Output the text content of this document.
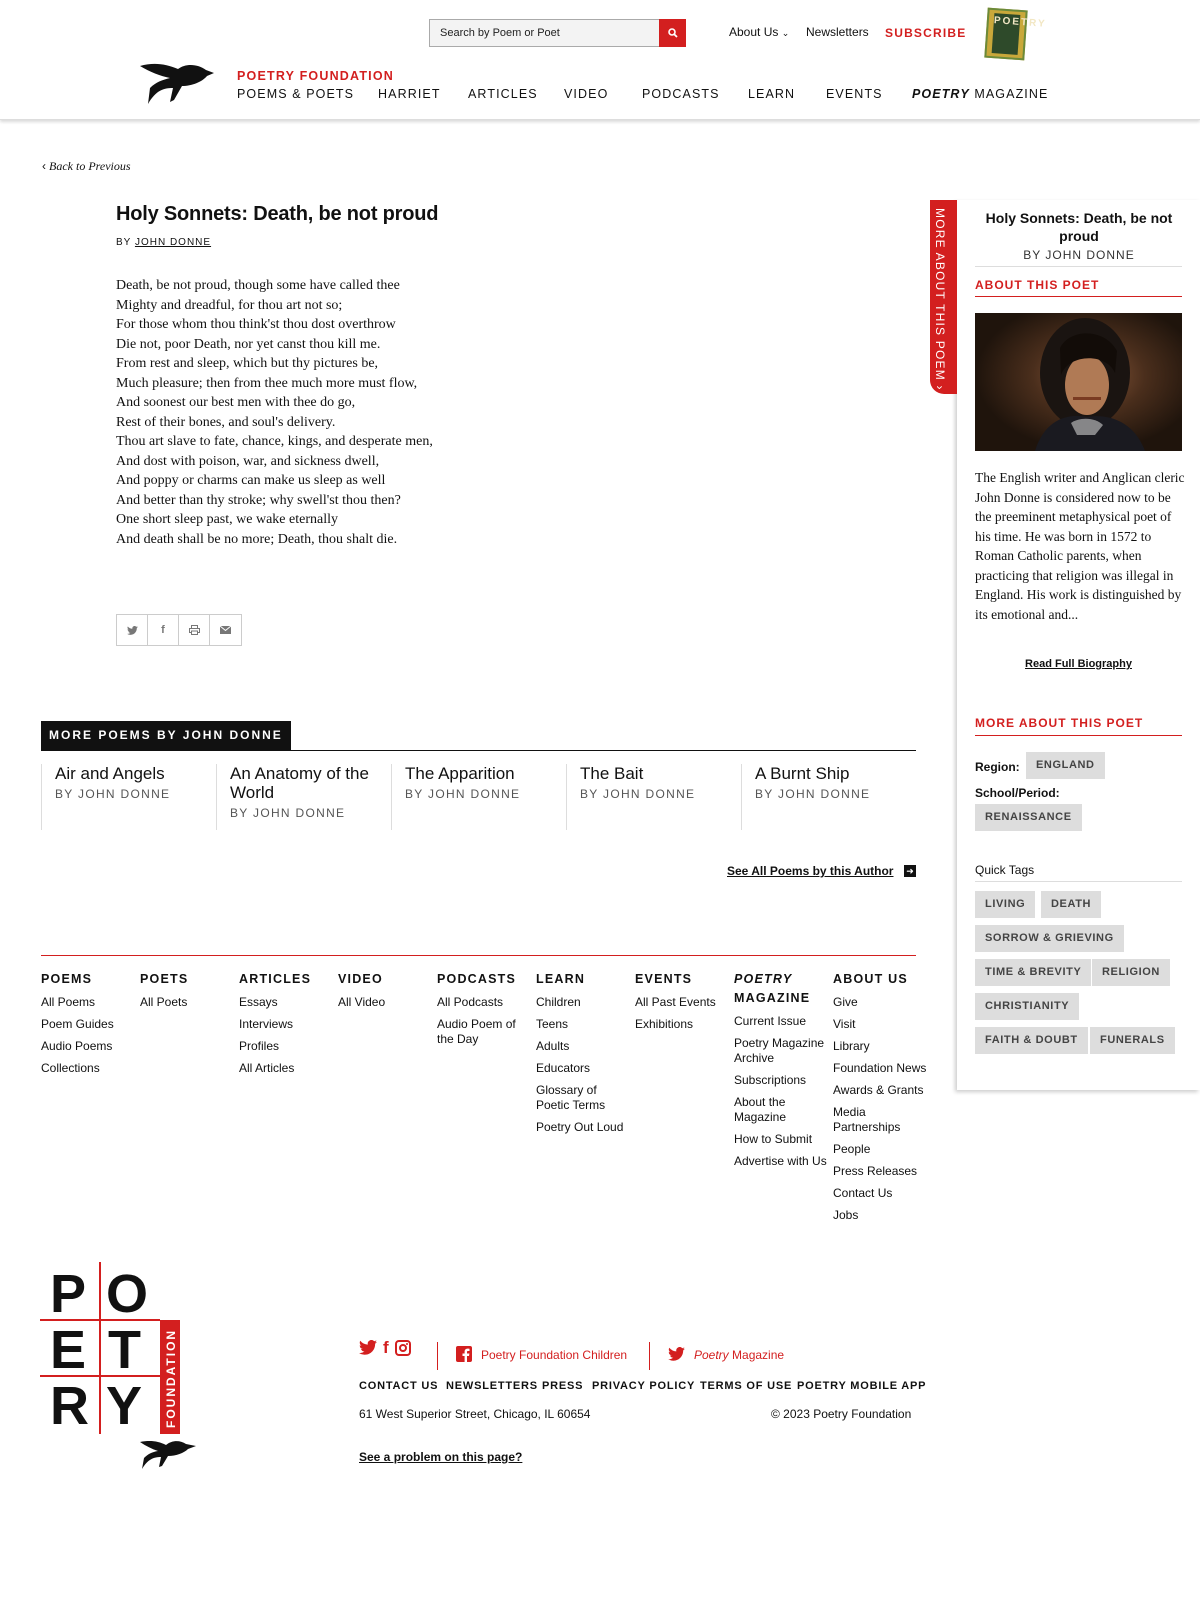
Search by Poem or Poet	About Us ⌄ Newsletters SUBSCRIBE
POETRY
POETRY FOUNDATION
POEMS & POETS HARRIET ARTICLES VIDEO	PODCASTS LEARN EVENTS POETRY MAGAZINE
‹ Back to Previous
Holy Sonnets: Death, be not proud
BY JOHN DONNE
Death, be not proud, though some have called thee
Mighty and dreadful, for thou art not so;
For those whom thou think'st thou dost overthrow
Die not, poor Death, nor yet canst thou kill me.
From rest and sleep, which but thy pictures be,
Much pleasure; then from thee much more must flow,
And soonest our best men with thee do go,
Rest of their bones, and soul's delivery.
Thou art slave to fate, chance, kings, and desperate men,
And dost with poison, war, and sickness dwell,
And poppy or charms can make us sleep as well
And better than thy stroke; why swell'st thou then?
One short sleep past, we wake eternally
And death shall be no more; Death, thou shalt die.
f
MORE POEMS BY JOHN DONNE
Air and Angels
BY JOHN DONNE
An Anatomy of the World
BY JOHN DONNE
The Apparition
BY JOHN DONNE
The Bait
BY JOHN DONNE
A Burnt Ship
BY JOHN DONNE
See All Poems by this Author ➜
POEMS
All Poems
Poem Guides
Audio Poems
Collections
POETS
All Poets
ARTICLES
Essays
Interviews
Profiles
All Articles
VIDEO
All Video
PODCASTS
All Podcasts
Audio Poem of the Day
LEARN
Children
Teens
Adults
Educators
Glossary of Poetic Terms
Poetry Out Loud
EVENTS
All Past Events
Exhibitions
POETRY
MAGAZINE
Current Issue
Poetry Magazine Archive
Subscriptions
About the Magazine
How to Submit
Advertise with Us
ABOUT US
Give
Visit
Library
Foundation News
Awards & Grants
Media Partnerships
People
Press Releases
Contact Us
Jobs
P O
E T
R Y FOUNDATION	f	Poetry Foundation Children	Poetry Magazine
CONTACT US NEWSLETTERS PRESS PRIVACY POLICY TERMS OF USE POETRY MOBILE APP
61 West Superior Street, Chicago, IL 60654	© 2023 Poetry Foundation
See a problem on this page?
MORE ABOUT THIS POEM ›
Holy Sonnets: Death, be not proud
BY JOHN DONNE
ABOUT THIS POET

The English writer and Anglican cleric John Donne is considered now to be the preeminent metaphysical poet of his time. He was born in 1572 to Roman Catholic parents, when practicing that religion was illegal in England. His work is distinguished by its emotional and...

Read Full Biography
MORE ABOUT THIS POET
Region:	ENGLAND
School/Period:
RENAISSANCE
Quick Tags
LIVING	DEATH
SORROW & GRIEVING
TIME & BREVITY	RELIGION
CHRISTIANITY
FAITH & DOUBT	FUNERALS
